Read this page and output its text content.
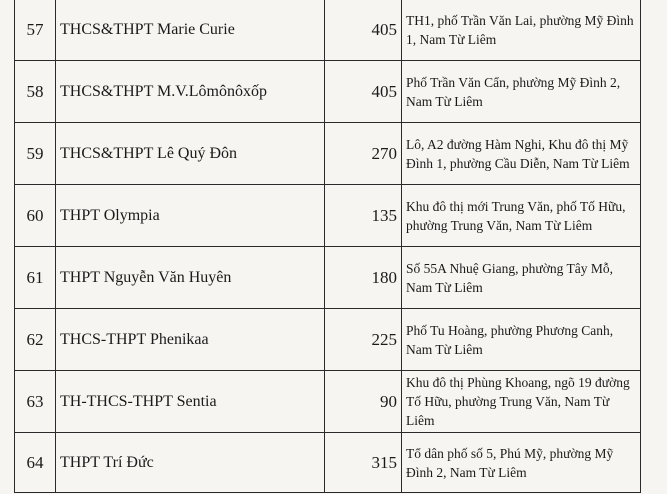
57	THCS&THPT Marie Curie	405	TH1, phố Trần Văn Lai, phường Mỹ Đình 1, Nam Từ Liêm

58	THCS&THPT M.V.Lômônôxốp	405	Phố Trần Văn Cẩn, phường Mỹ Đình 2, Nam Từ Liêm

59	THCS&THPT Lê Quý Đôn	270	Lô, A2 đường Hàm Nghi, Khu đô thị Mỹ Đình 1, phường Cầu Diễn, Nam Từ Liêm

60	THPT Olympia	135	Khu đô thị mới Trung Văn, phố Tố Hữu, phường Trung Văn, Nam Từ Liêm

61	THPT Nguyễn Văn Huyên	180	Số 55A Nhuệ Giang, phường Tây Mỗ, Nam Từ Liêm

62	THCS-THPT Phenikaa	225	Phố Tu Hoàng, phường Phương Canh, Nam Từ Liêm

63	TH-THCS-THPT Sentia	90	Khu đô thị Phùng Khoang, ngõ 19 đường Tố Hữu, phường Trung Văn, Nam Từ Liêm

64	THPT Trí Đức	315	Tổ dân phố số 5, Phú Mỹ, phường Mỹ Đình 2, Nam Từ Liêm
